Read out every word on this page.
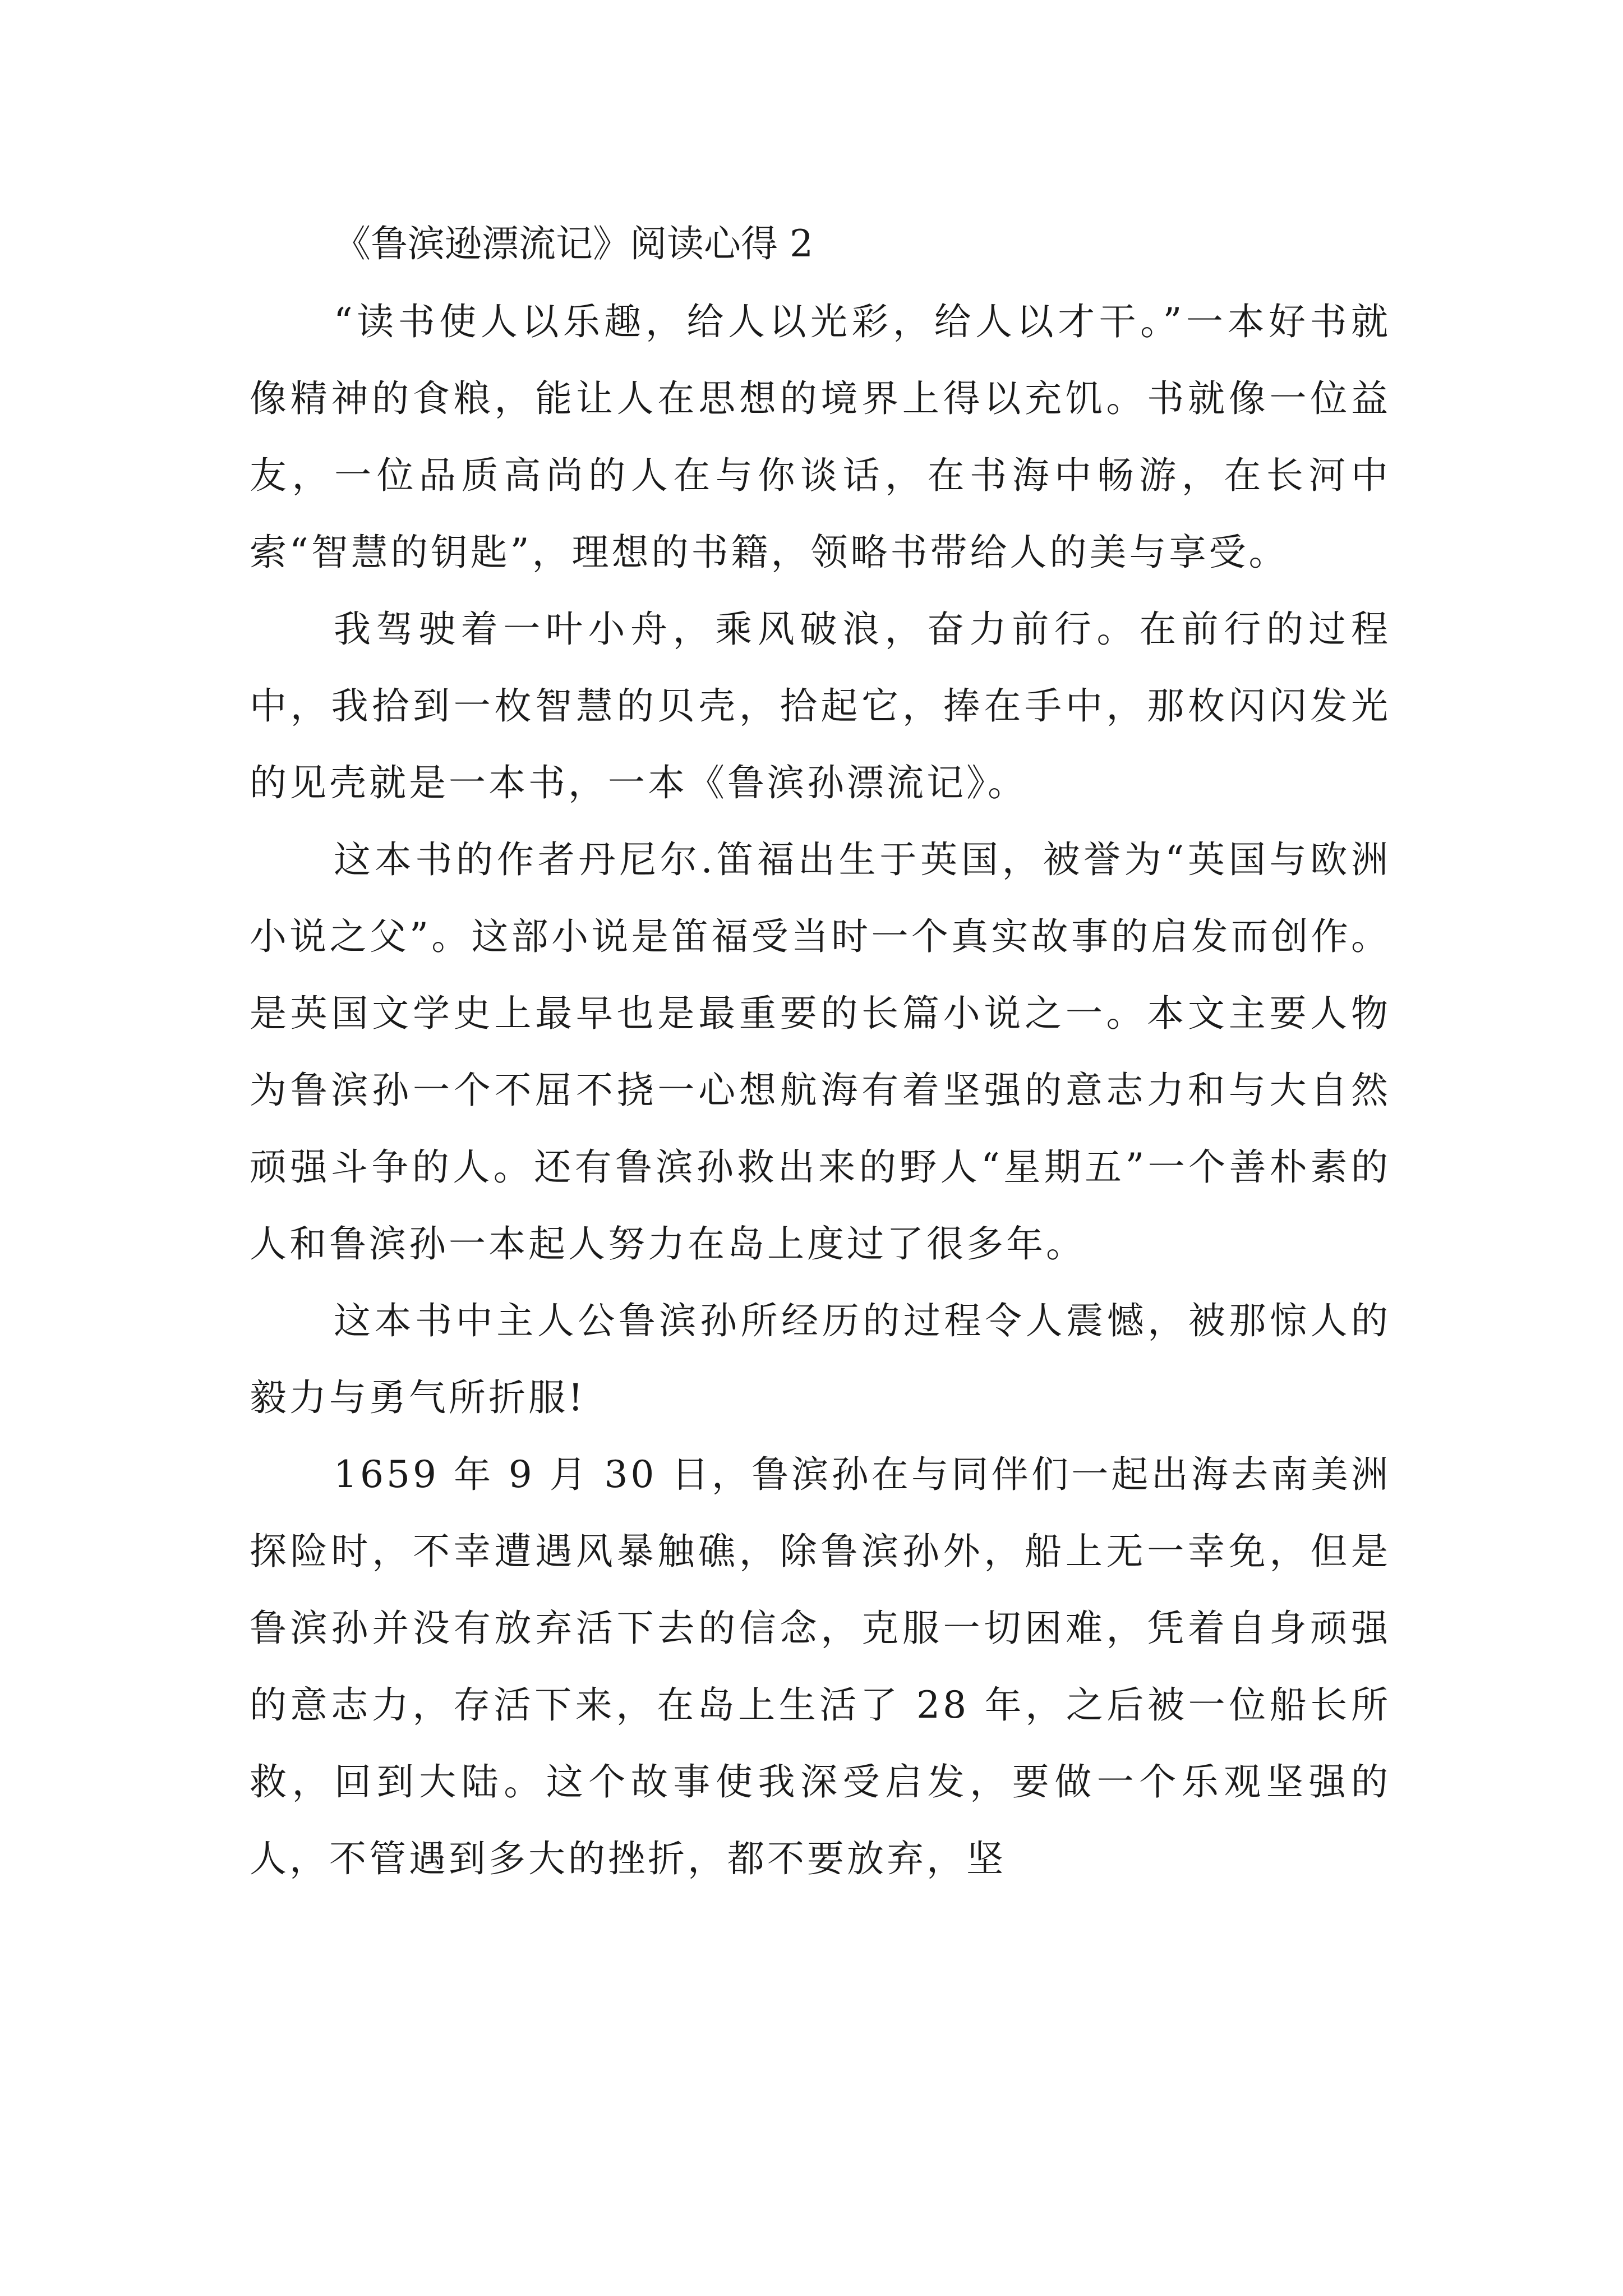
《鲁滨逊漂流记》阅读心得 2

“读书使人以乐趣，给人以光彩，给人以才干。”一本好书就像精神的食粮，能让人在思想的境界上得以充饥。书就像一位益友，一位品质高尚的人在与你谈话，在书海中畅游，在长河中索“智慧的钥匙”，理想的书籍，领略书带给人的美与享受。

我驾驶着一叶小舟，乘风破浪，奋力前行。在前行的过程中，我拾到一枚智慧的贝壳，拾起它，捧在手中，那枚闪闪发光的见壳就是一本书，一本《鲁滨孙漂流记》。

这本书的作者丹尼尔.笛福出生于英国，被誉为“英国与欧洲小说之父”。这部小说是笛福受当时一个真实故事的启发而创作。是英国文学史上最早也是最重要的长篇小说之一。本文主要人物为鲁滨孙一个不屈不挠一心想航海有着坚强的意志力和与大自然顽强斗争的人。还有鲁滨孙救出来的野人“星期五”一个善朴素的人和鲁滨孙一本起人努力在岛上度过了很多年。

这本书中主人公鲁滨孙所经历的过程令人震憾，被那惊人的毅力与勇气所折服!

1659 年 9 月 30 日，鲁滨孙在与同伴们一起出海去南美洲探险时，不幸遭遇风暴触礁，除鲁滨孙外，船上无一幸免，但是鲁滨孙并没有放弃活下去的信念，克服一切困难，凭着自身顽强的意志力，存活下来，在岛上生活了 28 年，之后被一位船长所救，回到大陆。这个故事使我深受启发，要做一个乐观坚强的人，不管遇到多大的挫折，都不要放弃，坚
